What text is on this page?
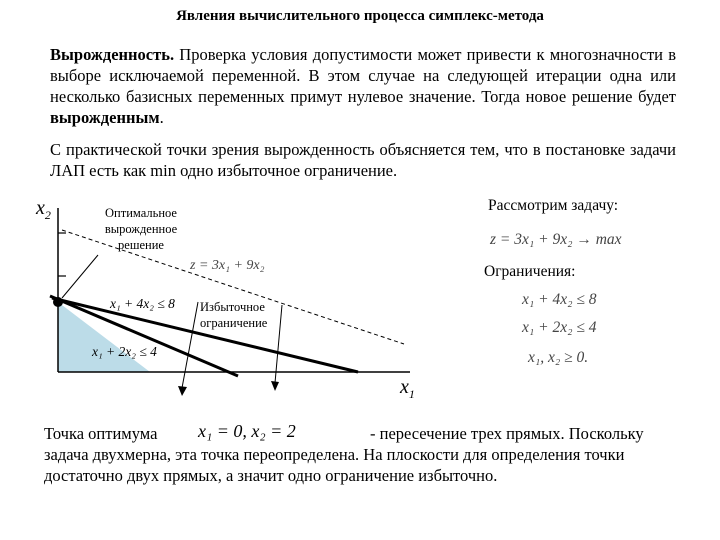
Явления вычислительного процесса симплекс-метода
Вырожденность. Проверка условия допустимости может привести к многозначности в выборе исключаемой переменной. В этом случае на следующей итерации одна или несколько базисных переменных примут нулевое значение. Тогда новое решение будет вырожденным.
С практической точки зрения вырожденность объясняется тем, что в постановке задачи ЛАП есть как min одно избыточное ограничение.
$x_2$
$x_1$
Оптимальное
вырожденное
решение
z = 3x₁ + 9x₂
Избыточное
ограничение
x₁ + 4x₂ ≤ 8
x₁ + 2x₂ ≤ 4
Рассмотрим задачу:
z = 3x₁ + 9x₂ → max
Ограничения:
x₁ + 4x₂ ≤ 8
x₁ + 2x₂ ≤ 4
x₁, x₂ ≥ 0.
Точка оптимума x₁ = 0, x₂ = 2	- пересечение трех прямых. Поскольку
задача двухмерна, эта точка переопределена. На плоскости для определения точки
достаточно двух прямых, а значит одно ограничение избыточно.
